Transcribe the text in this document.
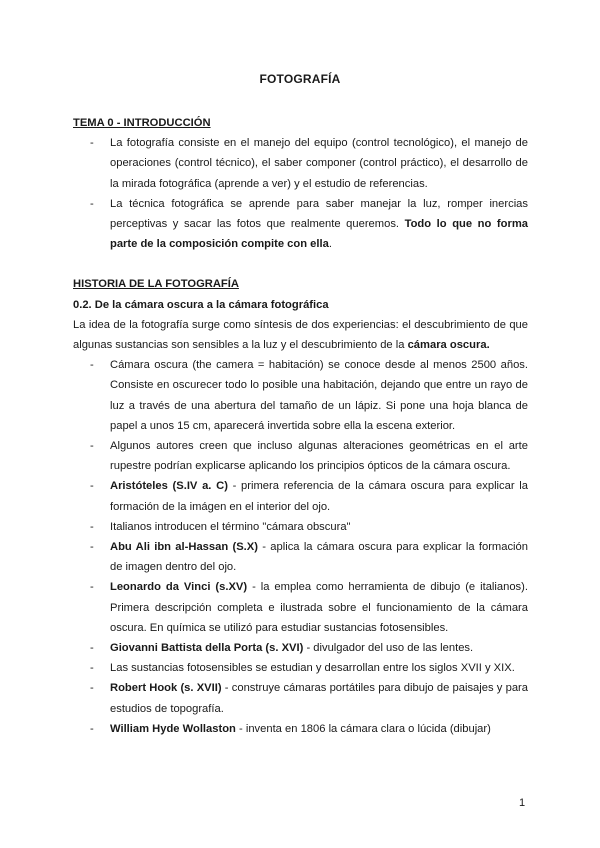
FOTOGRAFÍA

TEMA 0 - INTRODUCCIÓN

- La fotografía consiste en el manejo del equipo (control tecnológico), el manejo de operaciones (control técnico), el saber componer (control práctico), el desarrollo de la mirada fotográfica (aprende a ver) y el estudio de referencias.
- La técnica fotográfica se aprende para saber manejar la luz, romper inercias perceptivas y sacar las fotos que realmente queremos. Todo lo que no forma parte de la composición compite con ella.

HISTORIA DE LA FOTOGRAFÍA

0.2. De la cámara oscura a la cámara fotográfica

La idea de la fotografía surge como síntesis de dos experiencias: el descubrimiento de que algunas sustancias son sensibles a la luz y el descubrimiento de la cámara oscura.

- Cámara oscura (the camera = habitación) se conoce desde al menos 2500 años. Consiste en oscurecer todo lo posible una habitación, dejando que entre un rayo de luz a través de una abertura del tamaño de un lápiz. Si pone una hoja blanca de papel a unos 15 cm, aparecerá invertida sobre ella la escena exterior.
- Algunos autores creen que incluso algunas alteraciones geométricas en el arte rupestre podrían explicarse aplicando los principios ópticos de la cámara oscura.
- Aristóteles (S.IV a. C) - primera referencia de la cámara oscura para explicar la formación de la imágen en el interior del ojo.
- Italianos introducen el término "cámara obscura"
- Abu Ali ibn al-Hassan (S.X) - aplica la cámara oscura para explicar la formación de imagen dentro del ojo.
- Leonardo da Vinci (s.XV) - la emplea como herramienta de dibujo (e italianos). Primera descripción completa e ilustrada sobre el funcionamiento de la cámara oscura. En química se utilizó para estudiar sustancias fotosensibles.
- Giovanni Battista della Porta (s. XVI) - divulgador del uso de las lentes.
- Las sustancias fotosensibles se estudian y desarrollan entre los siglos XVII y XIX.
- Robert Hook (s. XVII) - construye cámaras portátiles para dibujo de paisajes y para estudios de topografía.
- William Hyde Wollaston - inventa en 1806 la cámara clara o lúcida (dibujar)
1
